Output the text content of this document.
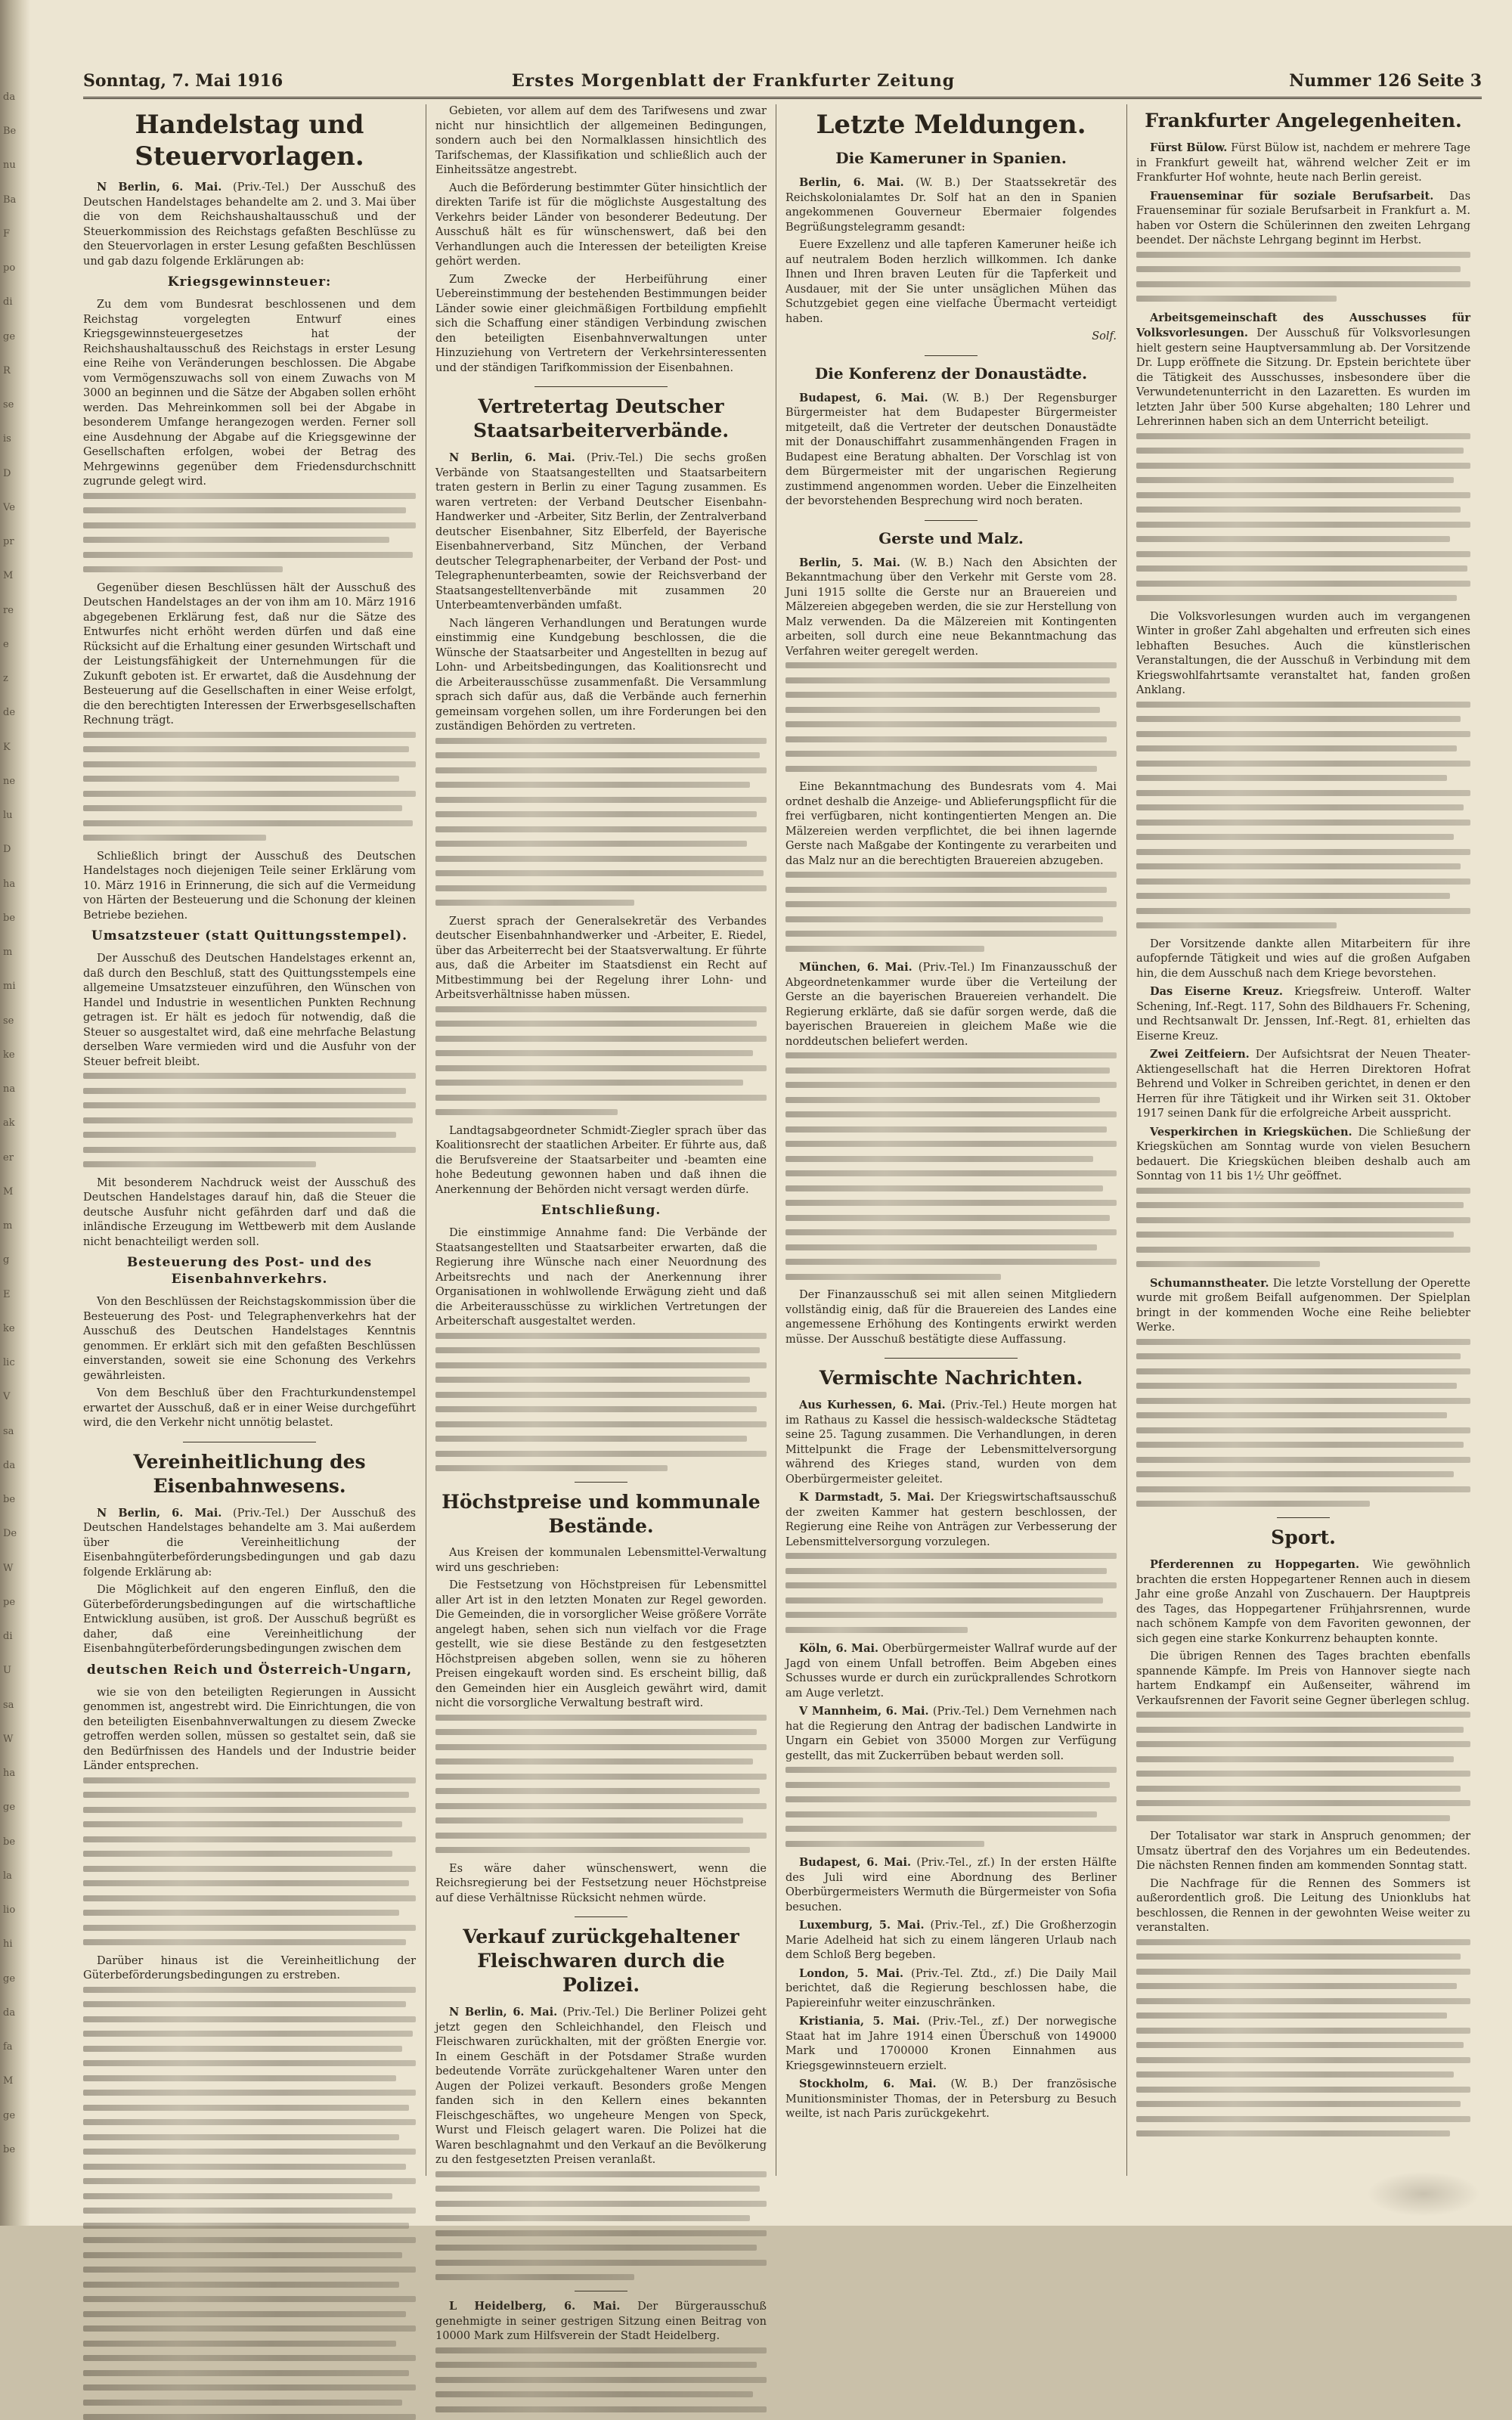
da
Be
nu
Ba
F
po
di
ge
R
se
is
D
Ve
pr
M
re
e
z
de
K
ne
lu
D
ha
be
m
mi
se
ke
na
ak
er
M
m
g
E
ke
lic
V
sa
da
be
De
W
pe
di
U
sa
W
ha
ge
be
la
lio
hi
ge
da
fa
M
ge
be
Sonntag, 7. Mai 1916	Erstes Morgenblatt der Frankfurter Zeitung	Nummer 126 Seite 3
Handelstag und Steuervorlagen.

N Berlin, 6. Mai. (Priv.-Tel.) Der Ausschuß des Deutschen Handelstages behandelte am 2. und 3. Mai über die von dem Reichshaushaltausschuß und der Steuerkommission des Reichstags gefaßten Beschlüsse zu den Steuervorlagen in erster Lesung gefaßten Beschlüssen und gab dazu folgende Erklärungen ab:

Kriegsgewinnsteuer:

Zu dem vom Bundesrat beschlossenen und dem Reichstag vorgelegten Entwurf eines Kriegsgewinnsteuergesetzes hat der Reichshaushaltausschuß des Reichstags in erster Lesung eine Reihe von Veränderungen beschlossen. Die Abgabe vom Vermögenszuwachs soll von einem Zuwachs von M 3000 an beginnen und die Sätze der Abgaben sollen erhöht werden. Das Mehreinkommen soll bei der Abgabe in besonderem Umfange herangezogen werden. Ferner soll eine Ausdehnung der Abgabe auf die Kriegsgewinne der Gesellschaften erfolgen, wobei der Betrag des Mehrgewinns gegenüber dem Friedensdurchschnitt zugrunde gelegt wird.

Gegenüber diesen Beschlüssen hält der Ausschuß des Deutschen Handelstages an der von ihm am 10. März 1916 abgegebenen Erklärung fest, daß nur die Sätze des Entwurfes nicht erhöht werden dürfen und daß eine Rücksicht auf die Erhaltung einer gesunden Wirtschaft und der Leistungsfähigkeit der Unternehmungen für die Zukunft geboten ist. Er erwartet, daß die Ausdehnung der Besteuerung auf die Gesellschaften in einer Weise erfolgt, die den berechtigten Interessen der Erwerbsgesellschaften Rechnung trägt.

Schließlich bringt der Ausschuß des Deutschen Handelstages noch diejenigen Teile seiner Erklärung vom 10. März 1916 in Erinnerung, die sich auf die Vermeidung von Härten der Besteuerung und die Schonung der kleinen Betriebe beziehen.

Umsatzsteuer (statt Quittungsstempel).

Der Ausschuß des Deutschen Handelstages erkennt an, daß durch den Beschluß, statt des Quittungsstempels eine allgemeine Umsatzsteuer einzuführen, den Wünschen von Handel und Industrie in wesentlichen Punkten Rechnung getragen ist. Er hält es jedoch für notwendig, daß die Steuer so ausgestaltet wird, daß eine mehrfache Belastung derselben Ware vermieden wird und die Ausfuhr von der Steuer befreit bleibt.

Mit besonderem Nachdruck weist der Ausschuß des Deutschen Handelstages darauf hin, daß die Steuer die deutsche Ausfuhr nicht gefährden darf und daß die inländische Erzeugung im Wettbewerb mit dem Auslande nicht benachteiligt werden soll.

Besteuerung des Post- und des Eisenbahnverkehrs.

Von den Beschlüssen der Reichstagskommission über die Besteuerung des Post- und Telegraphenverkehrs hat der Ausschuß des Deutschen Handelstages Kenntnis genommen. Er erklärt sich mit den gefaßten Beschlüssen einverstanden, soweit sie eine Schonung des Verkehrs gewährleisten.

Von dem Beschluß über den Frachturkundenstempel erwartet der Ausschuß, daß er in einer Weise durchgeführt wird, die den Verkehr nicht unnötig belastet.

Vereinheitlichung des Eisenbahnwesens.

N Berlin, 6. Mai. (Priv.-Tel.) Der Ausschuß des Deutschen Handelstages behandelte am 3. Mai außerdem über die Vereinheitlichung der Eisenbahngüterbeförderungsbedingungen und gab dazu folgende Erklärung ab:

Die Möglichkeit auf den engeren Einfluß, den die Güterbeförderungsbedingungen auf die wirtschaftliche Entwicklung ausüben, ist groß. Der Ausschuß begrüßt es daher, daß eine Vereinheitlichung der Eisenbahngüterbeförderungsbedingungen zwischen dem

deutschen Reich und Österreich-Ungarn,

wie sie von den beteiligten Regierungen in Aussicht genommen ist, angestrebt wird. Die Einrichtungen, die von den beteiligten Eisenbahnverwaltungen zu diesem Zwecke getroffen werden sollen, müssen so gestaltet sein, daß sie den Bedürfnissen des Handels und der Industrie beider Länder entsprechen.

Darüber hinaus ist die Vereinheitlichung der Güterbeförderungsbedingungen zu erstreben.

Gebieten, vor allem auf dem des Tarifwesens und zwar nicht nur hinsichtlich der allgemeinen Bedingungen, sondern auch bei den Normalklassen hinsichtlich des Tarifschemas, der Klassifikation und schließlich auch der Einheitssätze angestrebt.

Auch die Beförderung bestimmter Güter hinsichtlich der direkten Tarife ist für die möglichste Ausgestaltung des Verkehrs beider Länder von besonderer Bedeutung. Der Ausschuß hält es für wünschenswert, daß bei den Verhandlungen auch die Interessen der beteiligten Kreise gehört werden.

Zum Zwecke der Herbeiführung einer Uebereinstimmung der bestehenden Bestimmungen beider Länder sowie einer gleichmäßigen Fortbildung empfiehlt sich die Schaffung einer ständigen Verbindung zwischen den beteiligten Eisenbahnverwaltungen unter Hinzuziehung von Vertretern der Verkehrsinteressenten und der ständigen Tarifkommission der Eisenbahnen.

Vertretertag Deutscher Staatsarbeiterverbände.

N Berlin, 6. Mai. (Priv.-Tel.) Die sechs großen Verbände von Staatsangestellten und Staatsarbeitern traten gestern in Berlin zu einer Tagung zusammen. Es waren vertreten: der Verband Deutscher Eisenbahn-Handwerker und -Arbeiter, Sitz Berlin, der Zentralverband deutscher Eisenbahner, Sitz Elberfeld, der Bayerische Eisenbahnerverband, Sitz München, der Verband deutscher Telegraphenarbeiter, der Verband der Post- und Telegraphenunterbeamten, sowie der Reichsverband der Staatsangestelltenverbände mit zusammen 20 Unterbeamtenverbänden umfaßt.

Nach längeren Verhandlungen und Beratungen wurde einstimmig eine Kundgebung beschlossen, die die Wünsche der Staatsarbeiter und Angestellten in bezug auf Lohn- und Arbeitsbedingungen, das Koalitionsrecht und die Arbeiterausschüsse zusammenfaßt. Die Versammlung sprach sich dafür aus, daß die Verbände auch fernerhin gemeinsam vorgehen sollen, um ihre Forderungen bei den zuständigen Behörden zu vertreten.

Zuerst sprach der Generalsekretär des Verbandes deutscher Eisenbahnhandwerker und -Arbeiter, E. Riedel, über das Arbeiterrecht bei der Staatsverwaltung. Er führte aus, daß die Arbeiter im Staatsdienst ein Recht auf Mitbestimmung bei der Regelung ihrer Lohn- und Arbeitsverhältnisse haben müssen.

Landtagsabgeordneter Schmidt-Ziegler sprach über das Koalitionsrecht der staatlichen Arbeiter. Er führte aus, daß die Berufsvereine der Staatsarbeiter und -beamten eine hohe Bedeutung gewonnen haben und daß ihnen die Anerkennung der Behörden nicht versagt werden dürfe.

Entschließung.

Die einstimmige Annahme fand: Die Verbände der Staatsangestellten und Staatsarbeiter erwarten, daß die Regierung ihre Wünsche nach einer Neuordnung des Arbeitsrechts und nach der Anerkennung ihrer Organisationen in wohlwollende Erwägung zieht und daß die Arbeiterausschüsse zu wirklichen Vertretungen der Arbeiterschaft ausgestaltet werden.

Höchstpreise und kommunale Bestände.

Aus Kreisen der kommunalen Lebensmittel-Verwaltung wird uns geschrieben:

Die Festsetzung von Höchstpreisen für Lebensmittel aller Art ist in den letzten Monaten zur Regel geworden. Die Gemeinden, die in vorsorglicher Weise größere Vorräte angelegt haben, sehen sich nun vielfach vor die Frage gestellt, wie sie diese Bestände zu den festgesetzten Höchstpreisen abgeben sollen, wenn sie zu höheren Preisen eingekauft worden sind. Es erscheint billig, daß den Gemeinden hier ein Ausgleich gewährt wird, damit nicht die vorsorgliche Verwaltung bestraft wird.

Es wäre daher wünschenswert, wenn die Reichsregierung bei der Festsetzung neuer Höchstpreise auf diese Verhältnisse Rücksicht nehmen würde.

Verkauf zurückgehaltener Fleischwaren durch die Polizei.

N Berlin, 6. Mai. (Priv.-Tel.) Die Berliner Polizei geht jetzt gegen den Schleichhandel, den Fleisch und Fleischwaren zurückhalten, mit der größten Energie vor. In einem Geschäft in der Potsdamer Straße wurden bedeutende Vorräte zurückgehaltener Waren unter den Augen der Polizei verkauft. Besonders große Mengen fanden sich in den Kellern eines bekannten Fleischgeschäftes, wo ungeheure Mengen von Speck, Wurst und Fleisch gelagert waren. Die Polizei hat die Waren beschlagnahmt und den Verkauf an die Bevölkerung zu den festgesetzten Preisen veranlaßt.

L Heidelberg, 6. Mai. Der Bürgerausschuß genehmigte in seiner gestrigen Sitzung einen Beitrag von 10000 Mark zum Hilfsverein der Stadt Heidelberg.

Letzte Meldungen.
Die Kameruner in Spanien.

Berlin, 6. Mai. (W. B.) Der Staatssekretär des Reichskolonialamtes Dr. Solf hat an den in Spanien angekommenen Gouverneur Ebermaier folgendes Begrüßungstelegramm gesandt:

Euere Exzellenz und alle tapferen Kameruner heiße ich auf neutralem Boden herzlich willkommen. Ich danke Ihnen und Ihren braven Leuten für die Tapferkeit und Ausdauer, mit der Sie unter unsäglichen Mühen das Schutzgebiet gegen eine vielfache Übermacht verteidigt haben.

Solf.

Die Konferenz der Donaustädte.

Budapest, 6. Mai. (W. B.) Der Regensburger Bürgermeister hat dem Budapester Bürgermeister mitgeteilt, daß die Vertreter der deutschen Donaustädte mit der Donauschiffahrt zusammenhängenden Fragen in Budapest eine Beratung abhalten. Der Vorschlag ist von dem Bürgermeister mit der ungarischen Regierung zustimmend angenommen worden. Ueber die Einzelheiten der bevorstehenden Besprechung wird noch beraten.

Gerste und Malz.

Berlin, 5. Mai. (W. B.) Nach den Absichten der Bekanntmachung über den Verkehr mit Gerste vom 28. Juni 1915 sollte die Gerste nur an Brauereien und Mälzereien abgegeben werden, die sie zur Herstellung von Malz verwenden. Da die Mälzereien mit Kontingenten arbeiten, soll durch eine neue Bekanntmachung das Verfahren weiter geregelt werden.

Eine Bekanntmachung des Bundesrats vom 4. Mai ordnet deshalb die Anzeige- und Ablieferungspflicht für die frei verfügbaren, nicht kontingentierten Mengen an. Die Mälzereien werden verpflichtet, die bei ihnen lagernde Gerste nach Maßgabe der Kontingente zu verarbeiten und das Malz nur an die berechtigten Brauereien abzugeben.

München, 6. Mai. (Priv.-Tel.) Im Finanzausschuß der Abgeordnetenkammer wurde über die Verteilung der Gerste an die bayerischen Brauereien verhandelt. Die Regierung erklärte, daß sie dafür sorgen werde, daß die bayerischen Brauereien in gleichem Maße wie die norddeutschen beliefert werden.

Der Finanzausschuß sei mit allen seinen Mitgliedern vollständig einig, daß für die Brauereien des Landes eine angemessene Erhöhung des Kontingents erwirkt werden müsse. Der Ausschuß bestätigte diese Auffassung.

Vermischte Nachrichten.

Aus Kurhessen, 6. Mai. (Priv.-Tel.) Heute morgen hat im Rathaus zu Kassel die hessisch-waldecksche Städtetag seine 25. Tagung zusammen. Die Verhandlungen, in deren Mittelpunkt die Frage der Lebensmittelversorgung während des Krieges stand, wurden von dem Oberbürgermeister geleitet.

K Darmstadt, 5. Mai. Der Kriegswirtschaftsausschuß der zweiten Kammer hat gestern beschlossen, der Regierung eine Reihe von Anträgen zur Verbesserung der Lebensmittelversorgung vorzulegen.

Köln, 6. Mai. Oberbürgermeister Wallraf wurde auf der Jagd von einem Unfall betroffen. Beim Abgeben eines Schusses wurde er durch ein zurückprallendes Schrotkorn am Auge verletzt.

V Mannheim, 6. Mai. (Priv.-Tel.) Dem Vernehmen nach hat die Regierung den Antrag der badischen Landwirte in Ungarn ein Gebiet von 35000 Morgen zur Verfügung gestellt, das mit Zuckerrüben bebaut werden soll.

Budapest, 6. Mai. (Priv.-Tel., zf.) In der ersten Hälfte des Juli wird eine Abordnung des Berliner Oberbürgermeisters Wermuth die Bürgermeister von Sofia besuchen.

Luxemburg, 5. Mai. (Priv.-Tel., zf.) Die Großherzogin Marie Adelheid hat sich zu einem längeren Urlaub nach dem Schloß Berg begeben.

London, 5. Mai. (Priv.-Tel. Ztd., zf.) Die Daily Mail berichtet, daß die Regierung beschlossen habe, die Papiereinfuhr weiter einzuschränken.

Kristiania, 5. Mai. (Priv.-Tel., zf.) Der norwegische Staat hat im Jahre 1914 einen Überschuß von 149000 Mark und 1700000 Kronen Einnahmen aus Kriegsgewinnsteuern erzielt.

Stockholm, 6. Mai. (W. B.) Der französische Munitionsminister Thomas, der in Petersburg zu Besuch weilte, ist nach Paris zurückgekehrt.

Frankfurter Angelegenheiten.

Fürst Bülow. Fürst Bülow ist, nachdem er mehrere Tage in Frankfurt geweilt hat, während welcher Zeit er im Frankfurter Hof wohnte, heute nach Berlin gereist.

Frauenseminar für soziale Berufsarbeit. Das Frauenseminar für soziale Berufsarbeit in Frankfurt a. M. haben vor Ostern die Schülerinnen den zweiten Lehrgang beendet. Der nächste Lehrgang beginnt im Herbst.

Arbeitsgemeinschaft des Ausschusses für Volksvorlesungen. Der Ausschuß für Volksvorlesungen hielt gestern seine Hauptversammlung ab. Der Vorsitzende Dr. Lupp eröffnete die Sitzung. Dr. Epstein berichtete über die Tätigkeit des Ausschusses, insbesondere über die Verwundetenunterricht in den Lazaretten. Es wurden im letzten Jahr über 500 Kurse abgehalten; 180 Lehrer und Lehrerinnen haben sich an dem Unterricht beteiligt.

Die Volksvorlesungen wurden auch im vergangenen Winter in großer Zahl abgehalten und erfreuten sich eines lebhaften Besuches. Auch die künstlerischen Veranstaltungen, die der Ausschuß in Verbindung mit dem Kriegswohlfahrtsamte veranstaltet hat, fanden großen Anklang.

Der Vorsitzende dankte allen Mitarbeitern für ihre aufopfernde Tätigkeit und wies auf die großen Aufgaben hin, die dem Ausschuß nach dem Kriege bevorstehen.

Das Eiserne Kreuz. Kriegsfreiw. Unteroff. Walter Schening, Inf.-Regt. 117, Sohn des Bildhauers Fr. Schening, und Rechtsanwalt Dr. Jenssen, Inf.-Regt. 81, erhielten das Eiserne Kreuz.

Zwei Zeitfeiern. Der Aufsichtsrat der Neuen Theater-Aktiengesellschaft hat die Herren Direktoren Hofrat Behrend und Volker in Schreiben gerichtet, in denen er den Herren für ihre Tätigkeit und ihr Wirken seit 31. Oktober 1917 seinen Dank für die erfolgreiche Arbeit ausspricht.

Vesperkirchen in Kriegsküchen. Die Schließung der Kriegsküchen am Sonntag wurde von vielen Besuchern bedauert. Die Kriegsküchen bleiben deshalb auch am Sonntag von 11 bis 1½ Uhr geöffnet.

Schumannstheater. Die letzte Vorstellung der Operette wurde mit großem Beifall aufgenommen. Der Spielplan bringt in der kommenden Woche eine Reihe beliebter Werke.

Sport.

Pferderennen zu Hoppegarten. Wie gewöhnlich brachten die ersten Hoppegartener Rennen auch in diesem Jahr eine große Anzahl von Zuschauern. Der Hauptpreis des Tages, das Hoppegartener Frühjahrsrennen, wurde nach schönem Kampfe von dem Favoriten gewonnen, der sich gegen eine starke Konkurrenz behaupten konnte.

Die übrigen Rennen des Tages brachten ebenfalls spannende Kämpfe. Im Preis von Hannover siegte nach hartem Endkampf ein Außenseiter, während im Verkaufsrennen der Favorit seine Gegner überlegen schlug.

Der Totalisator war stark in Anspruch genommen; der Umsatz übertraf den des Vorjahres um ein Bedeutendes. Die nächsten Rennen finden am kommenden Sonntag statt.

Die Nachfrage für die Rennen des Sommers ist außerordentlich groß. Die Leitung des Unionklubs hat beschlossen, die Rennen in der gewohnten Weise weiter zu veranstalten.
